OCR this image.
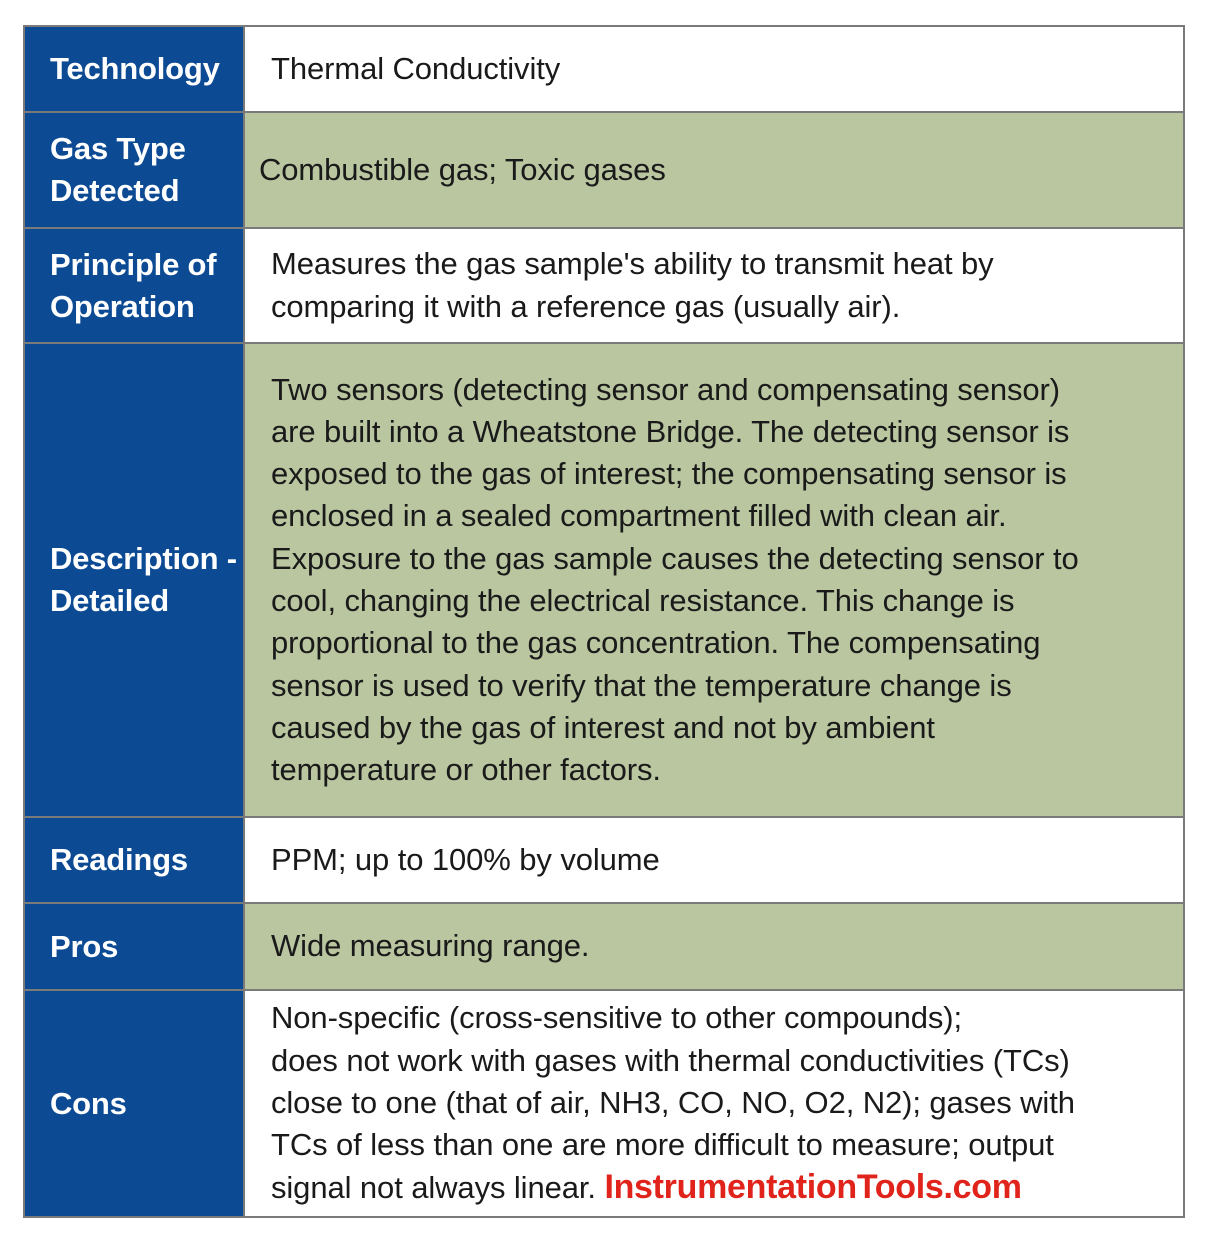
Technology Thermal Conductivity

Gas Type
Detected

Combustible gas; Toxic gases

Principle of
Operation

Measures the gas sample's ability to transmit heat by
comparing it with a reference gas (usually air).

Description -
Detailed

Two sensors (detecting sensor and compensating sensor)
are built into a Wheatstone Bridge. The detecting sensor is
exposed to the gas of interest; the compensating sensor is
enclosed in a sealed compartment filled with clean air.
Exposure to the gas sample causes the detecting sensor to
cool, changing the electrical resistance. This change is
proportional to the gas concentration. The compensating
sensor is used to verify that the temperature change is
caused by the gas of interest and not by ambient
temperature or other factors.

Readings	PPM; up to 100% by volume

Pros	Wide measuring range.

Cons

Non-specific (cross-sensitive to other compounds);
does not work with gases with thermal conductivities (TCs)
close to one (that of air, NH3, CO, NO, O2, N2); gases with
TCs of less than one are more difficult to measure; output
signal not always linear. InstrumentationTools.com
